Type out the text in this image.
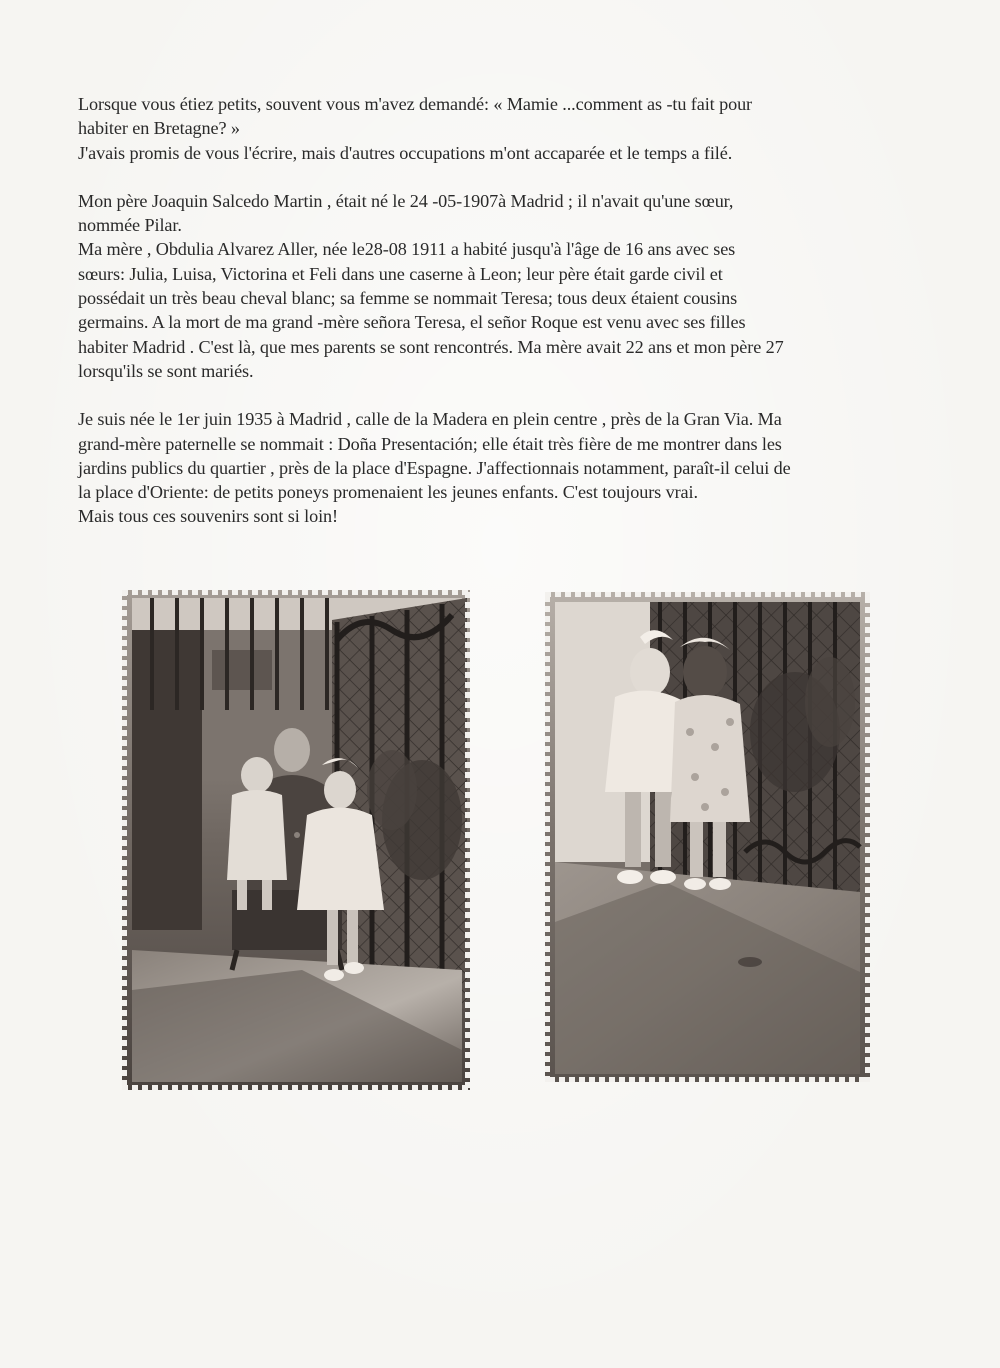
Lorsque vous étiez petits, souvent vous m'avez demandé: « Mamie ...comment as -tu fait pour
habiter en Bretagne? »
J'avais promis de vous l'écrire, mais d'autres occupations m'ont accaparée et le temps a filé.

Mon père Joaquin Salcedo Martin , était né le 24 -05-1907à Madrid ; il n'avait qu'une sœur,
nommée Pilar.
Ma mère , Obdulia Alvarez Aller, née le28-08 1911 a habité jusqu'à l'âge de 16 ans avec ses
sœurs: Julia, Luisa, Victorina et Feli dans une caserne à Leon; leur père était garde civil et
possédait un très beau cheval blanc; sa femme se nommait Teresa; tous deux étaient cousins
germains. A la mort de ma grand -mère señora Teresa, el señor Roque est venu avec ses filles
habiter Madrid . C'est là, que mes parents se sont rencontrés. Ma mère avait 22 ans et mon père 27
lorsqu'ils se sont mariés.

Je suis née le 1er juin 1935 à Madrid , calle de la Madera en plein centre , près de la Gran Via. Ma
grand-mère paternelle se nommait : Doña Presentación; elle était très fière de me montrer dans les
jardins publics du quartier , près de la place d'Espagne. J'affectionnais notamment, paraît-il celui de
la place d'Oriente: de petits poneys promenaient les jeunes enfants. C'est toujours vrai.
Mais tous ces souvenirs sont si loin!
